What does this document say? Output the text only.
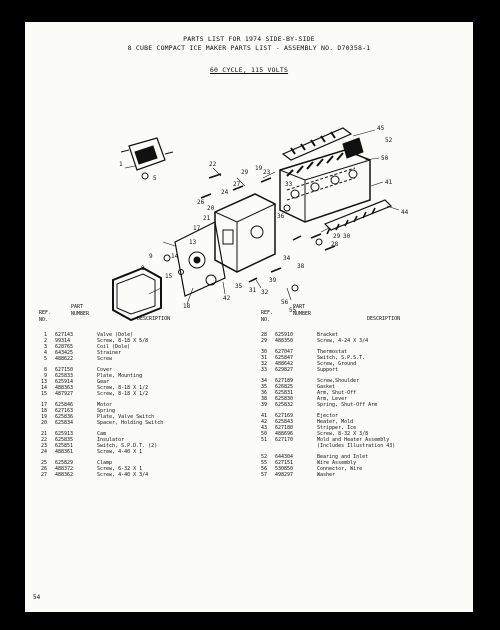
PARTS LIST FOR 1974 SIDE-BY-SIDE
8 CUBE COMPACT ICE MAKER PARTS LIST - ASSEMBLY NO. D70358-1
60 CYCLE, 115 VOLTS
45
50
52
41
44
29
28
30
33
36
23
29
19
27
22
24
26
20
21
17
13
14
9
8
15
18
42
35
31 32
39
56
55
38
34
1
5
REF.
NO.
PART
NUMBER
DESCRIPTION
REF.
NO.
PART
NUMBER
DESCRIPTION
1	627143	Valve (Dole)
2	99314	Screw, 8-18 X 5/8
3	628765	Coil (Dole)
4	643425	Strainer
5	488622	Screw
8	627150	Cover
9	625833	Plate, Mounting
13	625914	Gear
14	488363	Screw, 8-18 X 1/2
15	487927	Screw, 8-18 X 1/2
17	625846	Motor
18	627163	Spring
19	625836	Plate, Valve Switch
20	625834	Spacer, Holding Switch
21	625913	Cam
22	625835	Insulator
23	625851	Switch, S.P.D.T. (2)
24	488361	Screw, 4-40 X 1
25	625829	Clamp
26	488372	Screw, 6-32 X 1
27	488362	Screw, 4-40 X 3/4
28	625910	Bracket
29	488350	Screw, 4-24 X 3/4
30	627047	Thermostat
31	625847	Switch, S.P.S.T.
32	488642	Screw, Ground
33	629827	Support
34	627189	Screw,Shoulder
35	626825	Gasket
36	625831	Arm, Shut-Off
38	625830	Arm, Lever
39	625832	Spring, Shut-Off Arm
41	627169	Ejector
42	625843	Heater, Mold
43	627180	Stripper, Ice
50	488696	Screw, 8-32 X 3/8
51	627170	Mold and Heater Assembly
(Includes Illustration 43)
52	644304	Bearing and Inlet
55	627151	Wire Assembly
56	530850	Connector, Wire
57	498297	Washer
54
